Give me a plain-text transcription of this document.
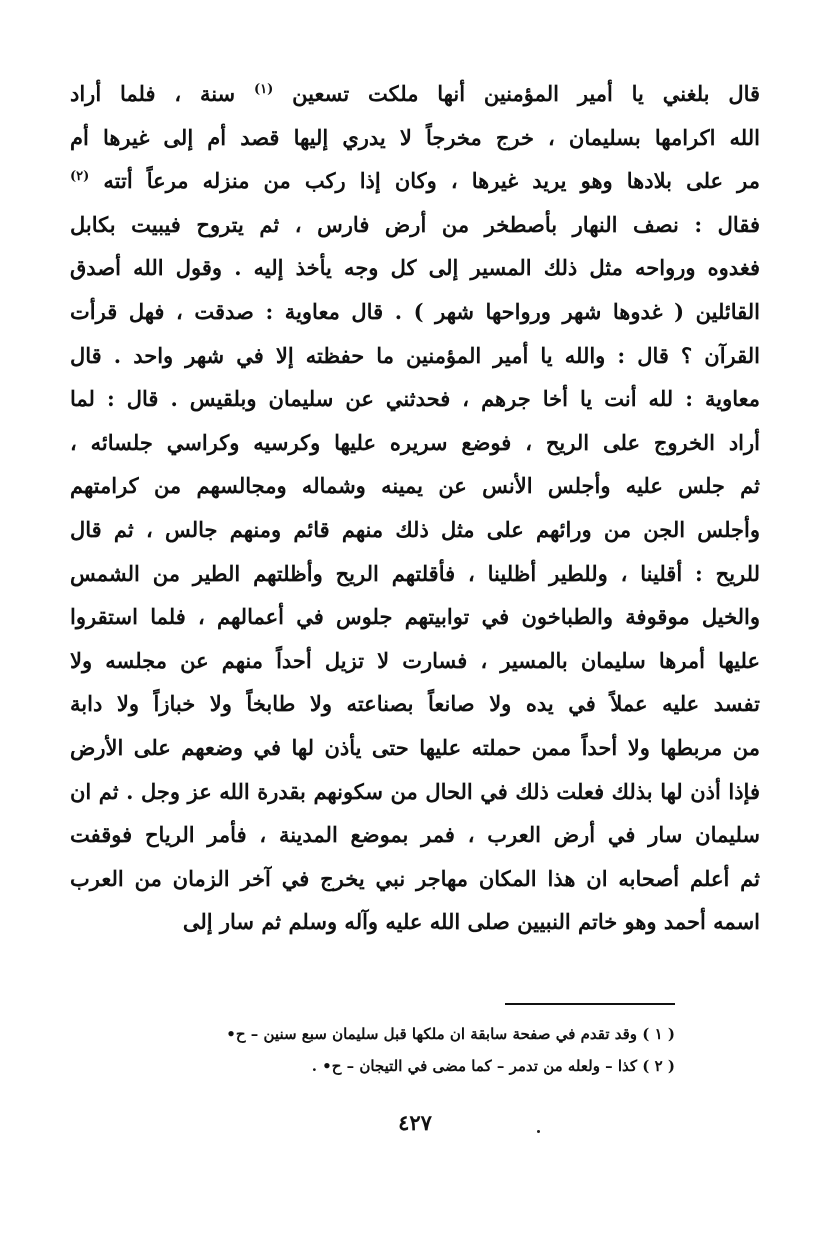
قال بلغني يا أمير المؤمنين أنها ملكت تسعين $^{(١)}$ سنة ، فلما أراد
الله اكرامها بسليمان ، خرج مخرجاً لا يدري إليها قصد أم إلى غيرها أم
مر على بلادها وهو يريد غيرها ، وكان إذا ركب من منزله مرعاً أتته $^{(٢)}$
فقال : نصف النهار بأصطخر من أرض فارس ، ثم يتروح فيبيت بكابل
فغدوه ورواحه مثل ذلك المسير إلى كل وجه يأخذ إليه . وقول الله أصدق
القائلين ( غدوها شهر ورواحها شهر ) . قال معاوية : صدقت ، فهل قرأت
القرآن ؟ قال : والله يا أمير المؤمنين ما حفظته إلا في شهر واحد . قال
معاوية : لله أنت يا أخا جرهم ، فحدثني عن سليمان وبلقيس . قال : لما
أراد الخروج على الريح ، فوضع سريره عليها وكرسيه وكراسي جلسائه ،
ثم جلس عليه وأجلس الأنس عن يمينه وشماله ومجالسهم من كرامتهم
وأجلس الجن من ورائهم على مثل ذلك منهم قائم ومنهم جالس ، ثم قال
للريح : أقلينا ، وللطير أظلينا ، فأقلتهم الريح وأظلتهم الطير من الشمس
والخيل موقوفة والطباخون في توابيتهم جلوس في أعمالهم ، فلما استقروا
عليها أمرها سليمان بالمسير ، فسارت لا تزيل أحداً منهم عن مجلسه ولا
تفسد عليه عملاً في يده ولا صانعاً بصناعته ولا طابخاً ولا خبازاً ولا دابة
من مربطها ولا أحداً ممن حملته عليها حتى يأذن لها في وضعهم على الأرض
فإذا أذن لها بذلك فعلت ذلك في الحال من سكونهم بقدرة الله عز وجل . ثم ان
سليمان سار في أرض العرب ، فمر بموضع المدينة ، فأمر الرياح فوقفت
ثم أعلم أصحابه ان هذا المكان مهاجر نبي يخرج في آخر الزمان من العرب
اسمه أحمد وهو خاتم النبيين صلى الله عليه وآله وسلم ثم سار إلى
( ١ ) وقد تقدم في صفحة سابقة ان ملكها قبل سليمان سبع سنين – ح•
( ٢ ) كذا – ولعله من تدمر – كما مضى في التيجان – ح• .
٤٢٧
